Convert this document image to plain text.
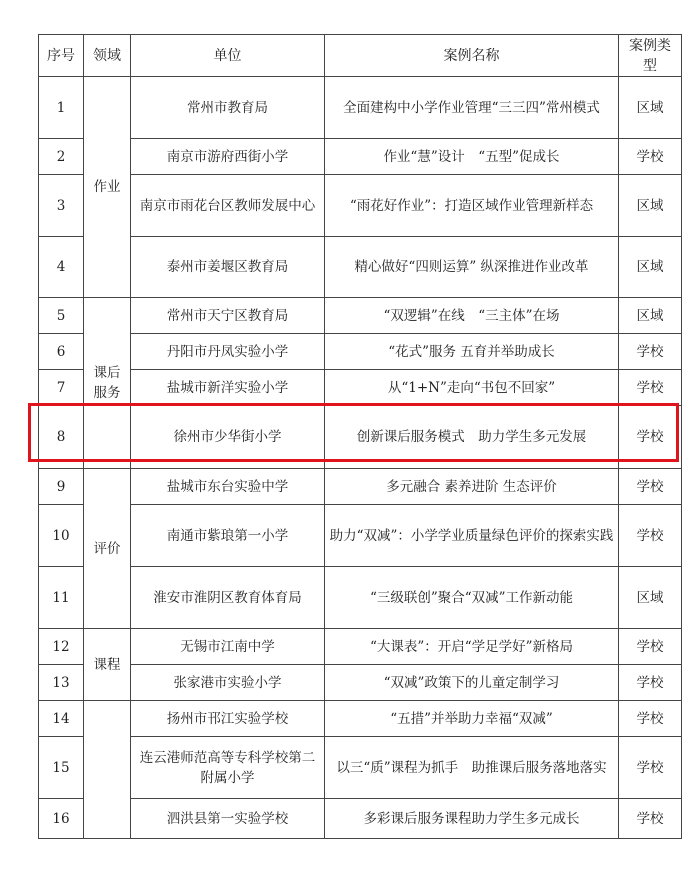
序号	领域	单位	案例名称	案例类型
1	作业	常州市教育局	全面建构中小学作业管理“三三四”常州模式	区域
2		南京市游府西街小学	作业“慧”设计　“五型”促成长	学校
3		南京市雨花台区教师发展中心	“雨花好作业”：打造区域作业管理新样态	区域
4		泰州市姜堰区教育局	精心做好“四则运算” 纵深推进作业改革	区域
5	课后服务	常州市天宁区教育局	“双逻辑”在线　“三主体”在场	区域
6		丹阳市丹凤实验小学	“花式”服务 五育并举助成长	学校
7		盐城市新洋实验小学	从“1+N”走向“书包不回家”	学校
8		徐州市少华街小学	创新课后服务模式　助力学生多元发展	学校
9	评价	盐城市东台实验中学	多元融合 素养进阶 生态评价	学校
10		南通市紫琅第一小学	助力“双减”：小学学业质量绿色评价的探索实践	学校
11		淮安市淮阴区教育体育局	“三级联创”聚合“双减”工作新动能	区域
12	课程	无锡市江南中学	“大课表”：开启“学足学好”新格局	学校
13		张家港市实验小学	“双减”政策下的儿童定制学习	学校
14		扬州市邗江实验学校	“五措”并举助力幸福“双减”	学校
15		连云港师范高等专科学校第二附属小学	以三“质”课程为抓手　助推课后服务落地落实	学校
16		泗洪县第一实验学校	多彩课后服务课程助力学生多元成长	学校
